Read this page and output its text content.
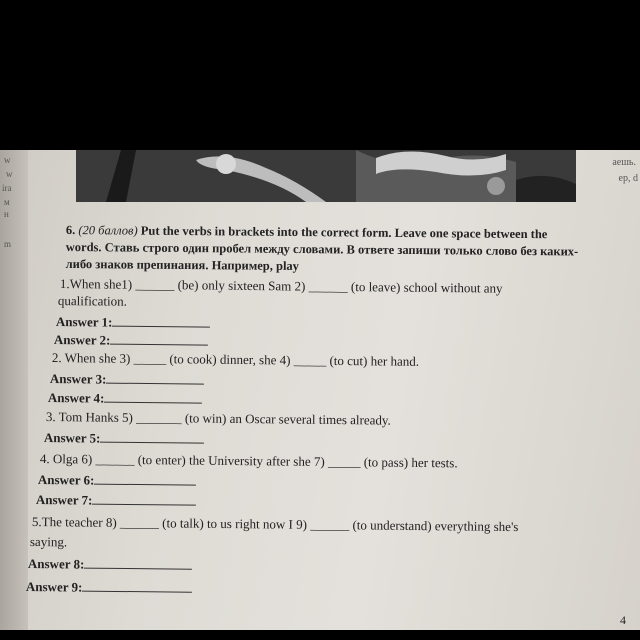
w
w
ira
м
н
m
аешь.
ep, d
6. (20 баллов) Put the verbs in brackets into the correct form. Leave one space between the words. Ставь строго один пробел между словами. В ответе запиши только слово без каких-либо знаков препинания. Например, play
1.When she1) ______ (be) only sixteen Sam 2) ______ (to leave) school without any
qualification.
Answer 1:
Answer 2:
2. When she 3) _____ (to cook) dinner, she 4) _____ (to cut) her hand.
Answer 3:
Answer 4:
3. Tom Hanks 5) _______ (to win) an Oscar several times already.
Answer 5:
4. Olga 6) ______ (to enter) the University after she 7) _____ (to pass) her tests.
Answer 6:
Answer 7:
5.The teacher 8) ______ (to talk) to us right now I 9) ______ (to understand) everything she's
saying.
Answer 8:
Answer 9:
4
